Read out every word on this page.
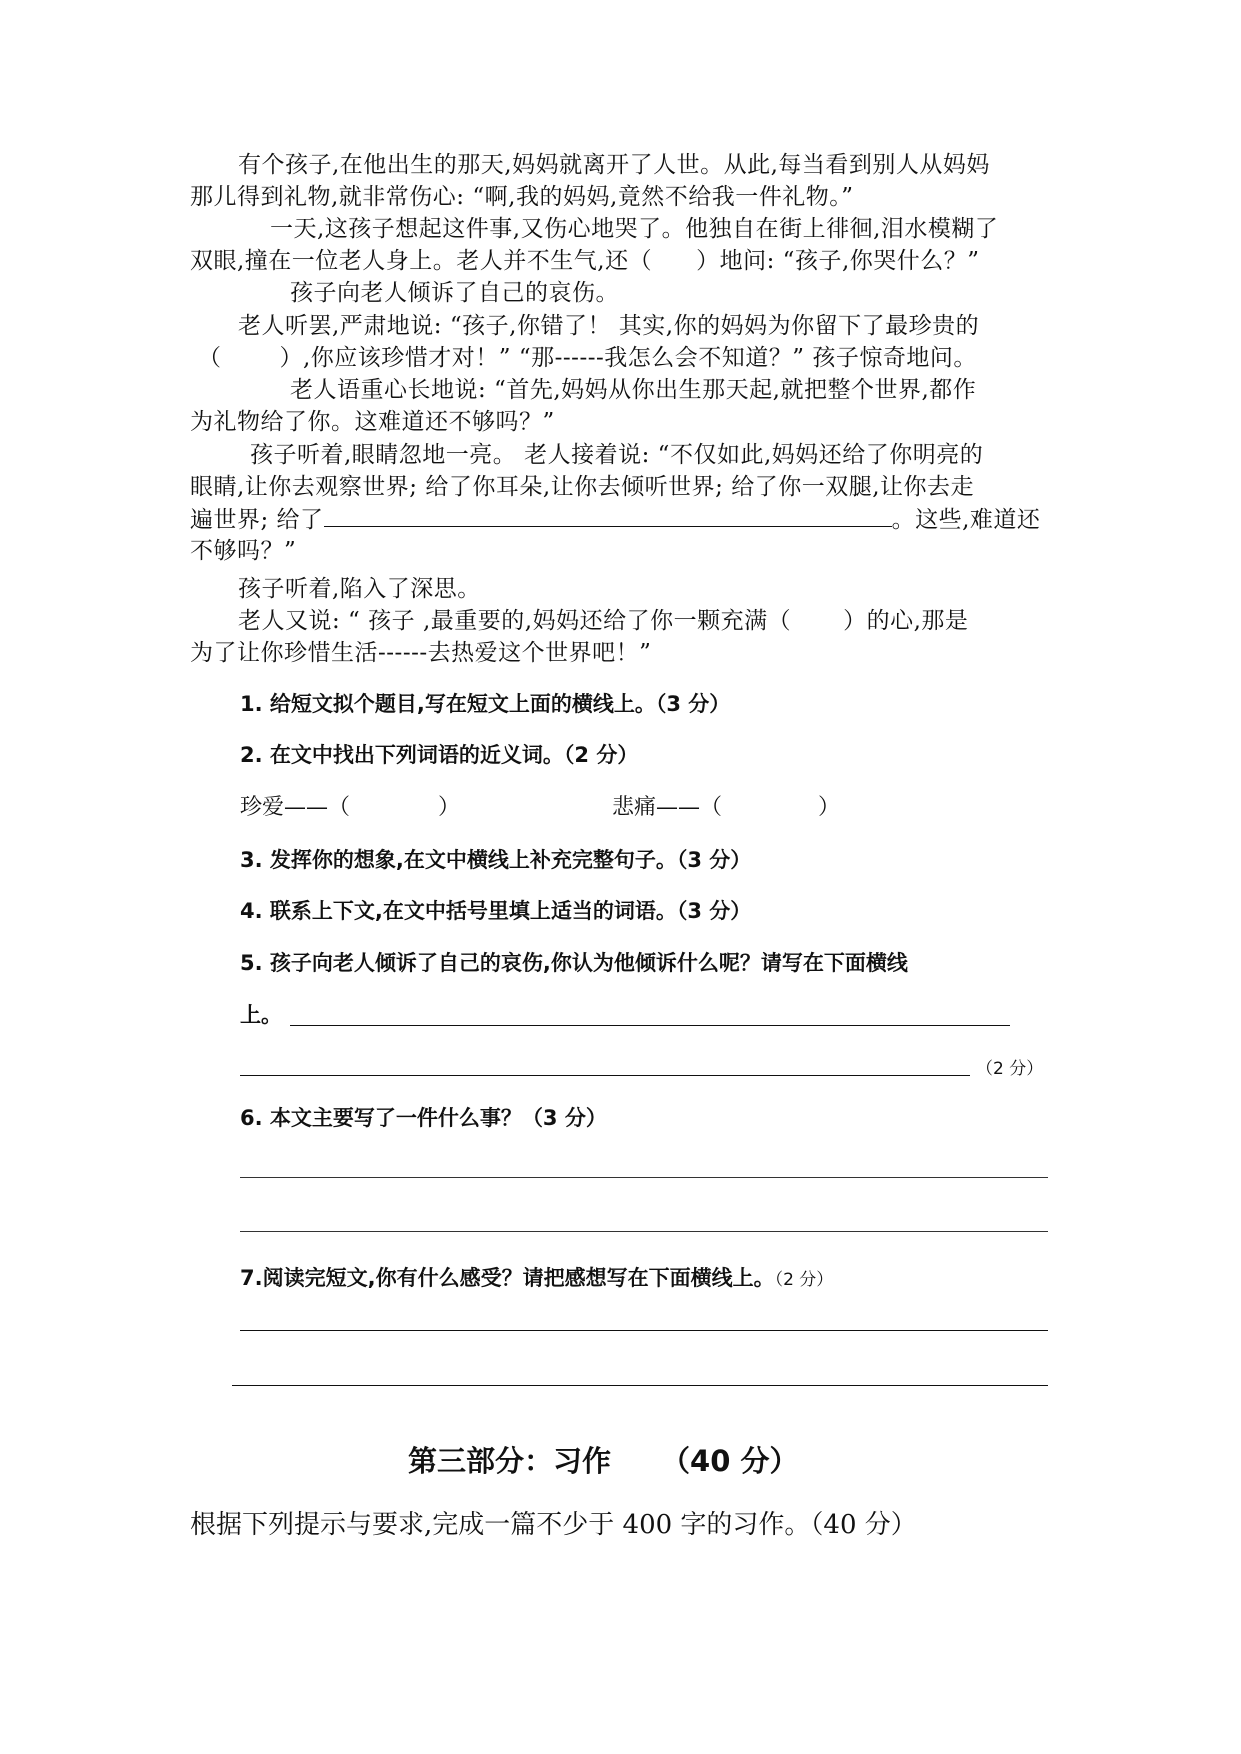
有个孩子,在他出生的那天,妈妈就离开了人世。从此,每当看到别人从妈妈
那儿得到礼物,就非常伤心: “啊,我的妈妈,竟然不给我一件礼物。”
一天,这孩子想起这件事,又伤心地哭了。他独自在街上徘徊,泪水模糊了
双眼,撞在一位老人身上。老人并不生气,还（ ）地问: “孩子,你哭什么？”
孩子向老人倾诉了自己的哀伤。
老人听罢,严肃地说: “孩子,你错了！ 其实,你的妈妈为你留下了最珍贵的
（	）,你应该珍惜才对！” “那------我怎么会不知道？” 孩子惊奇地问。
老人语重心长地说: “首先,妈妈从你出生那天起,就把整个世界,都作
为礼物给了你。这难道还不够吗？”
孩子听着,眼睛忽地一亮。 老人接着说: “不仅如此,妈妈还给了你明亮的
眼睛,让你去观察世界; 给了你耳朵,让你去倾听世界; 给了你一双腿,让你去走
遍世界; 给了	。这些,难道还
不够吗？”
孩子听着,陷入了深思。
老人又说: “ 孩子 ,最重要的,妈妈还给了你一颗充满（ ）的心,那是
为了让你珍惜生活------去热爱这个世界吧！”
1. 给短文拟个题目,写在短文上面的横线上。（3 分）
2. 在文中找出下列词语的近义词。（2 分）
珍爱——（	）	悲痛——（	）
3. 发挥你的想象,在文中横线上补充完整句子。（3 分）
4. 联系上下文,在文中括号里填上适当的词语。（3 分）
5. 孩子向老人倾诉了自己的哀伤,你认为他倾诉什么呢？请写在下面横线
上。
（2 分）
6. 本文主要写了一件什么事？（3 分）
7.阅读完短文,你有什么感受？请把感想写在下面横线上。（2 分）
第三部分：习作 （40 分）
根据下列提示与要求,完成一篇不少于 400 字的习作。（40 分）
